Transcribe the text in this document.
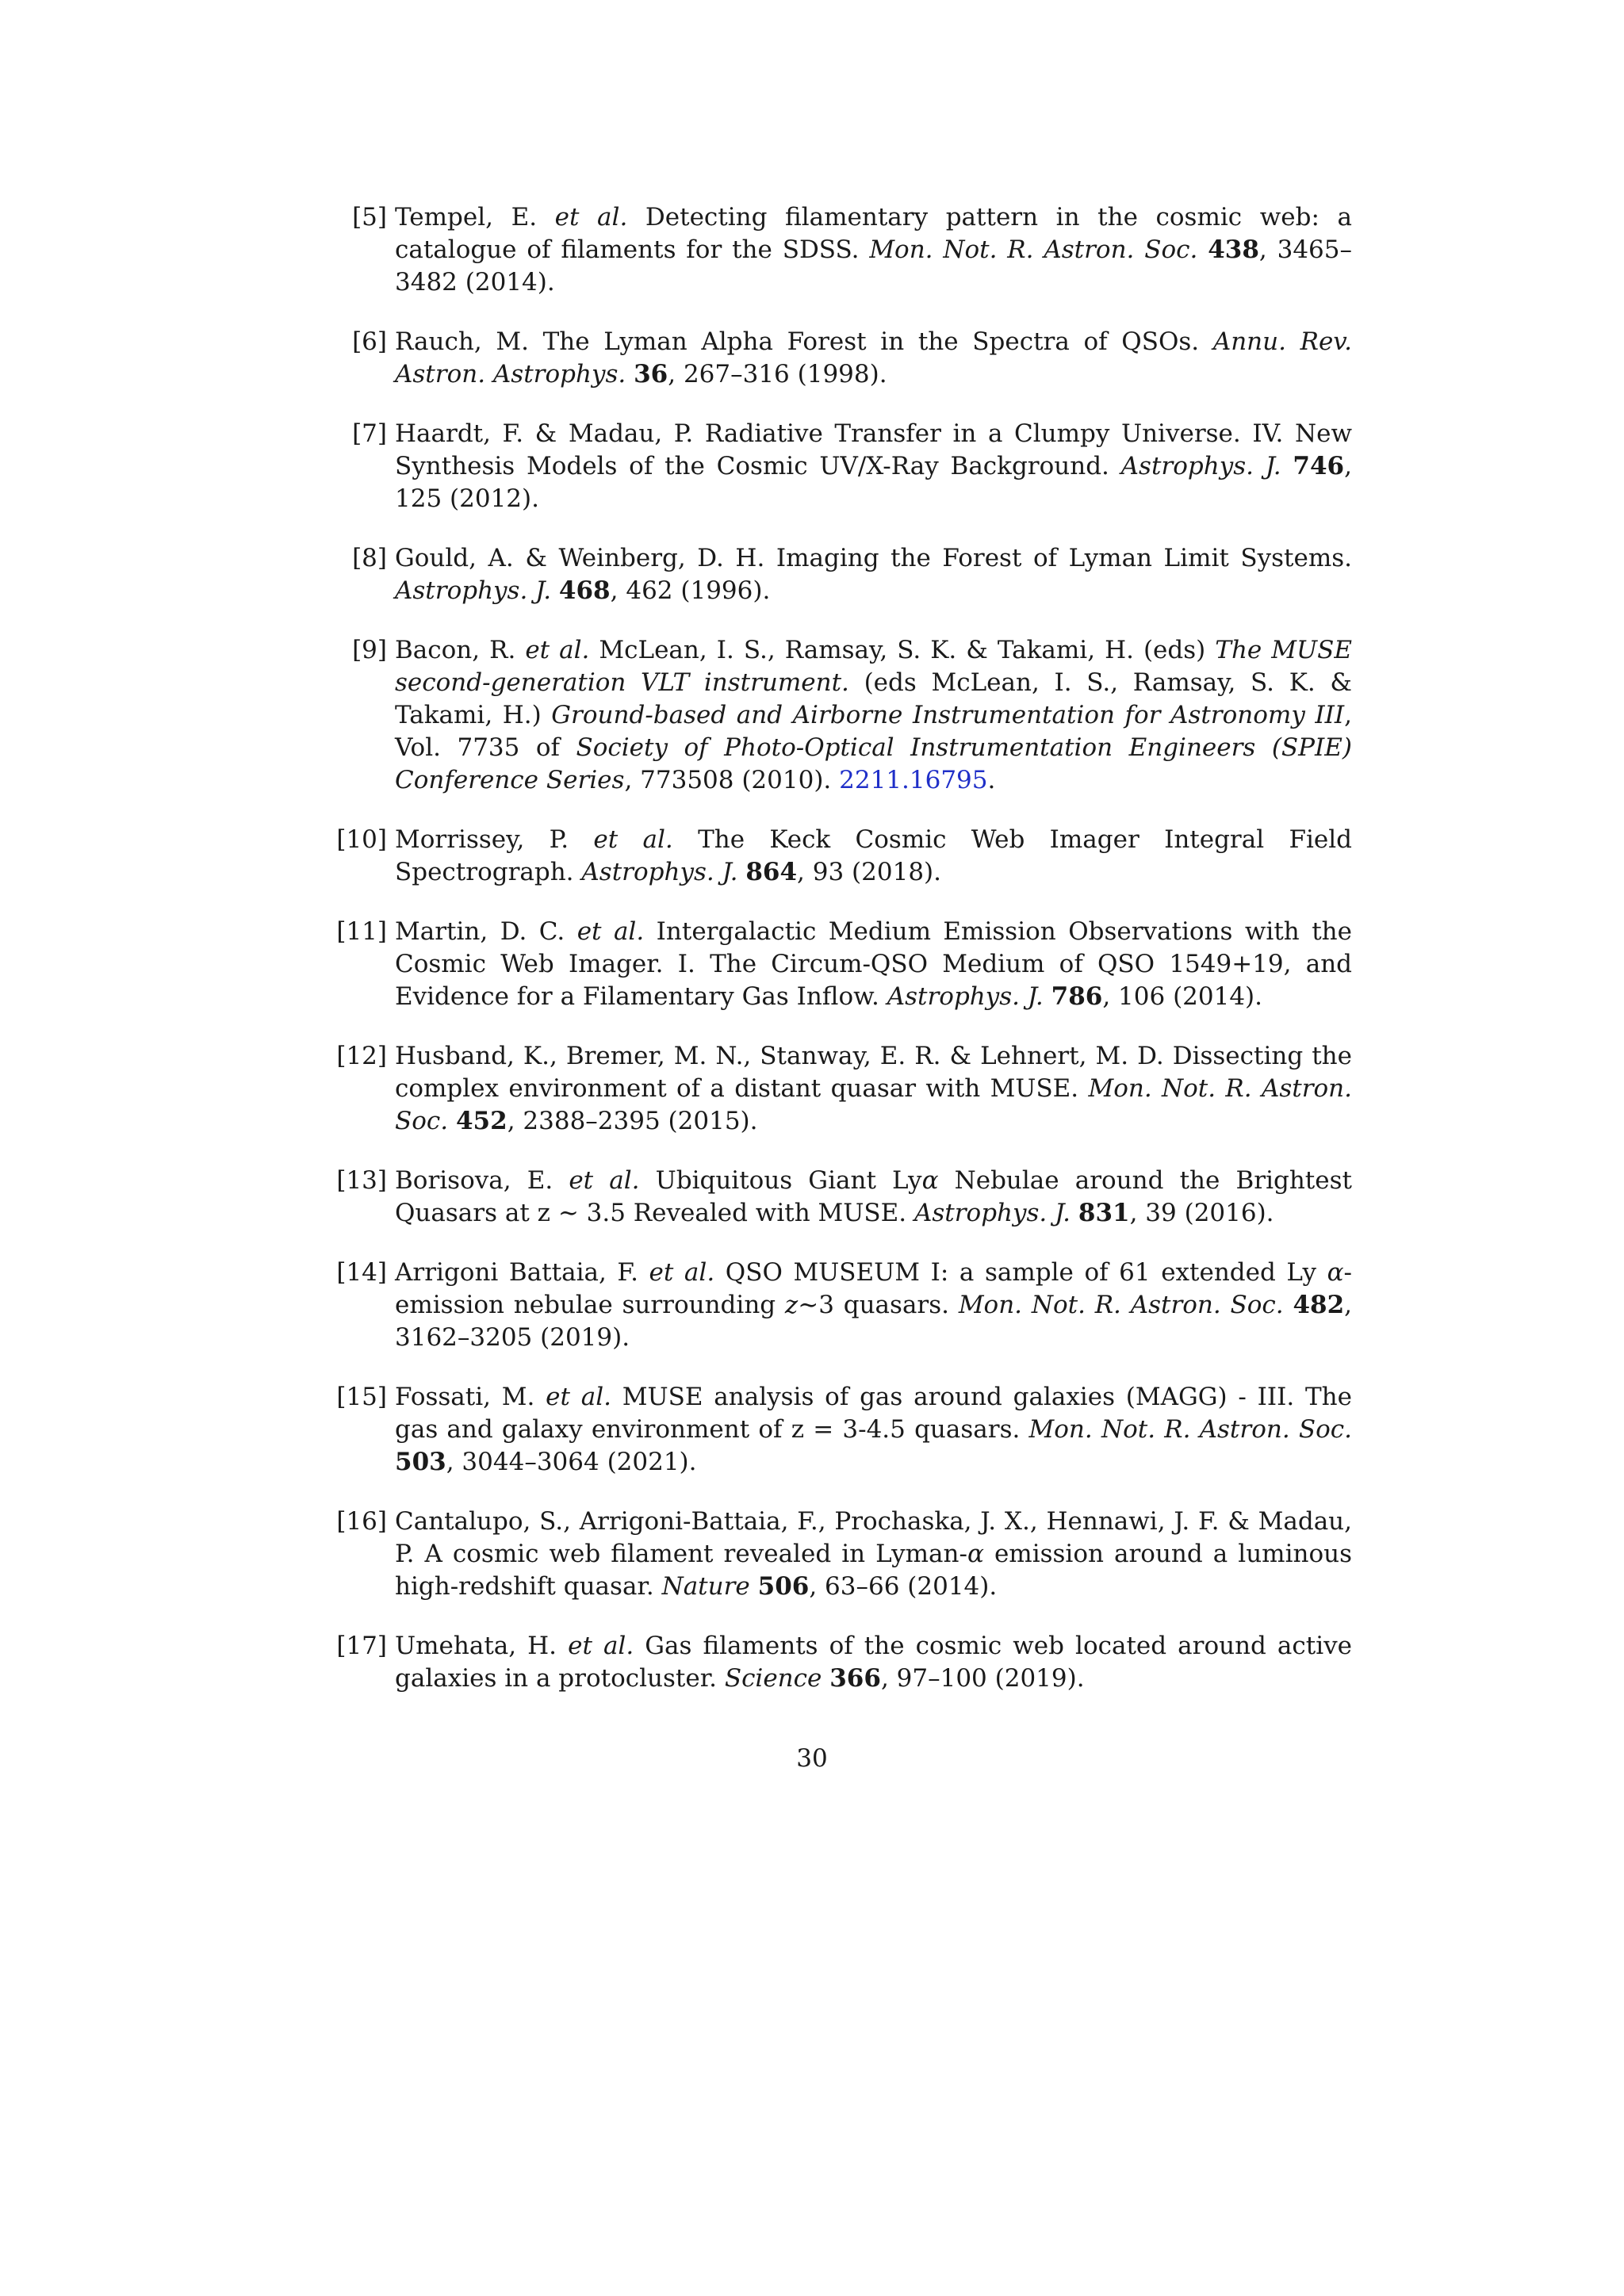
[5] Tempel, E. et al. Detecting filamentary pattern in the cosmic web: a catalogue of filaments for the SDSS. Mon. Not. R. Astron. Soc. 438, 3465–3482 (2014).
[6] Rauch, M. The Lyman Alpha Forest in the Spectra of QSOs. Annu. Rev. Astron. Astrophys. 36, 267–316 (1998).
[7] Haardt, F. & Madau, P. Radiative Transfer in a Clumpy Universe. IV. New Synthesis Models of the Cosmic UV/X-Ray Background. Astrophys. J. 746, 125 (2012).
[8] Gould, A. & Weinberg, D. H. Imaging the Forest of Lyman Limit Systems. Astrophys. J. 468, 462 (1996).
[9] Bacon, R. et al. McLean, I. S., Ramsay, S. K. & Takami, H. (eds) The MUSE second-generation VLT instrument. (eds McLean, I. S., Ramsay, S. K. & Takami, H.) Ground-based and Airborne Instrumentation for Astronomy III, Vol. 7735 of Society of Photo-Optical Instrumentation Engineers (SPIE) Conference Series, 773508 (2010). 2211.16795.
[10] Morrissey, P. et al. The Keck Cosmic Web Imager Integral Field Spectrograph. Astrophys. J. 864, 93 (2018).
[11] Martin, D. C. et al. Intergalactic Medium Emission Observations with the Cosmic Web Imager. I. The Circum-QSO Medium of QSO 1549+19, and Evidence for a Filamentary Gas Inflow. Astrophys. J. 786, 106 (2014).
[12] Husband, K., Bremer, M. N., Stanway, E. R. & Lehnert, M. D. Dissecting the complex environment of a distant quasar with MUSE. Mon. Not. R. Astron. Soc. 452, 2388–2395 (2015).
[13] Borisova, E. et al. Ubiquitous Giant Lyα Nebulae around the Brightest Quasars at z ∼ 3.5 Revealed with MUSE. Astrophys. J. 831, 39 (2016).
[14] Arrigoni Battaia, F. et al. QSO MUSEUM I: a sample of 61 extended Ly α-emission nebulae surrounding z∼3 quasars. Mon. Not. R. Astron. Soc. 482, 3162–3205 (2019).
[15] Fossati, M. et al. MUSE analysis of gas around galaxies (MAGG) - III. The gas and galaxy environment of z = 3-4.5 quasars. Mon. Not. R. Astron. Soc. 503, 3044–3064 (2021).
[16] Cantalupo, S., Arrigoni-Battaia, F., Prochaska, J. X., Hennawi, J. F. & Madau, P. A cosmic web filament revealed in Lyman-α emission around a luminous high-redshift quasar. Nature 506, 63–66 (2014).
[17] Umehata, H. et al. Gas filaments of the cosmic web located around active galaxies in a protocluster. Science 366, 97–100 (2019).
30
